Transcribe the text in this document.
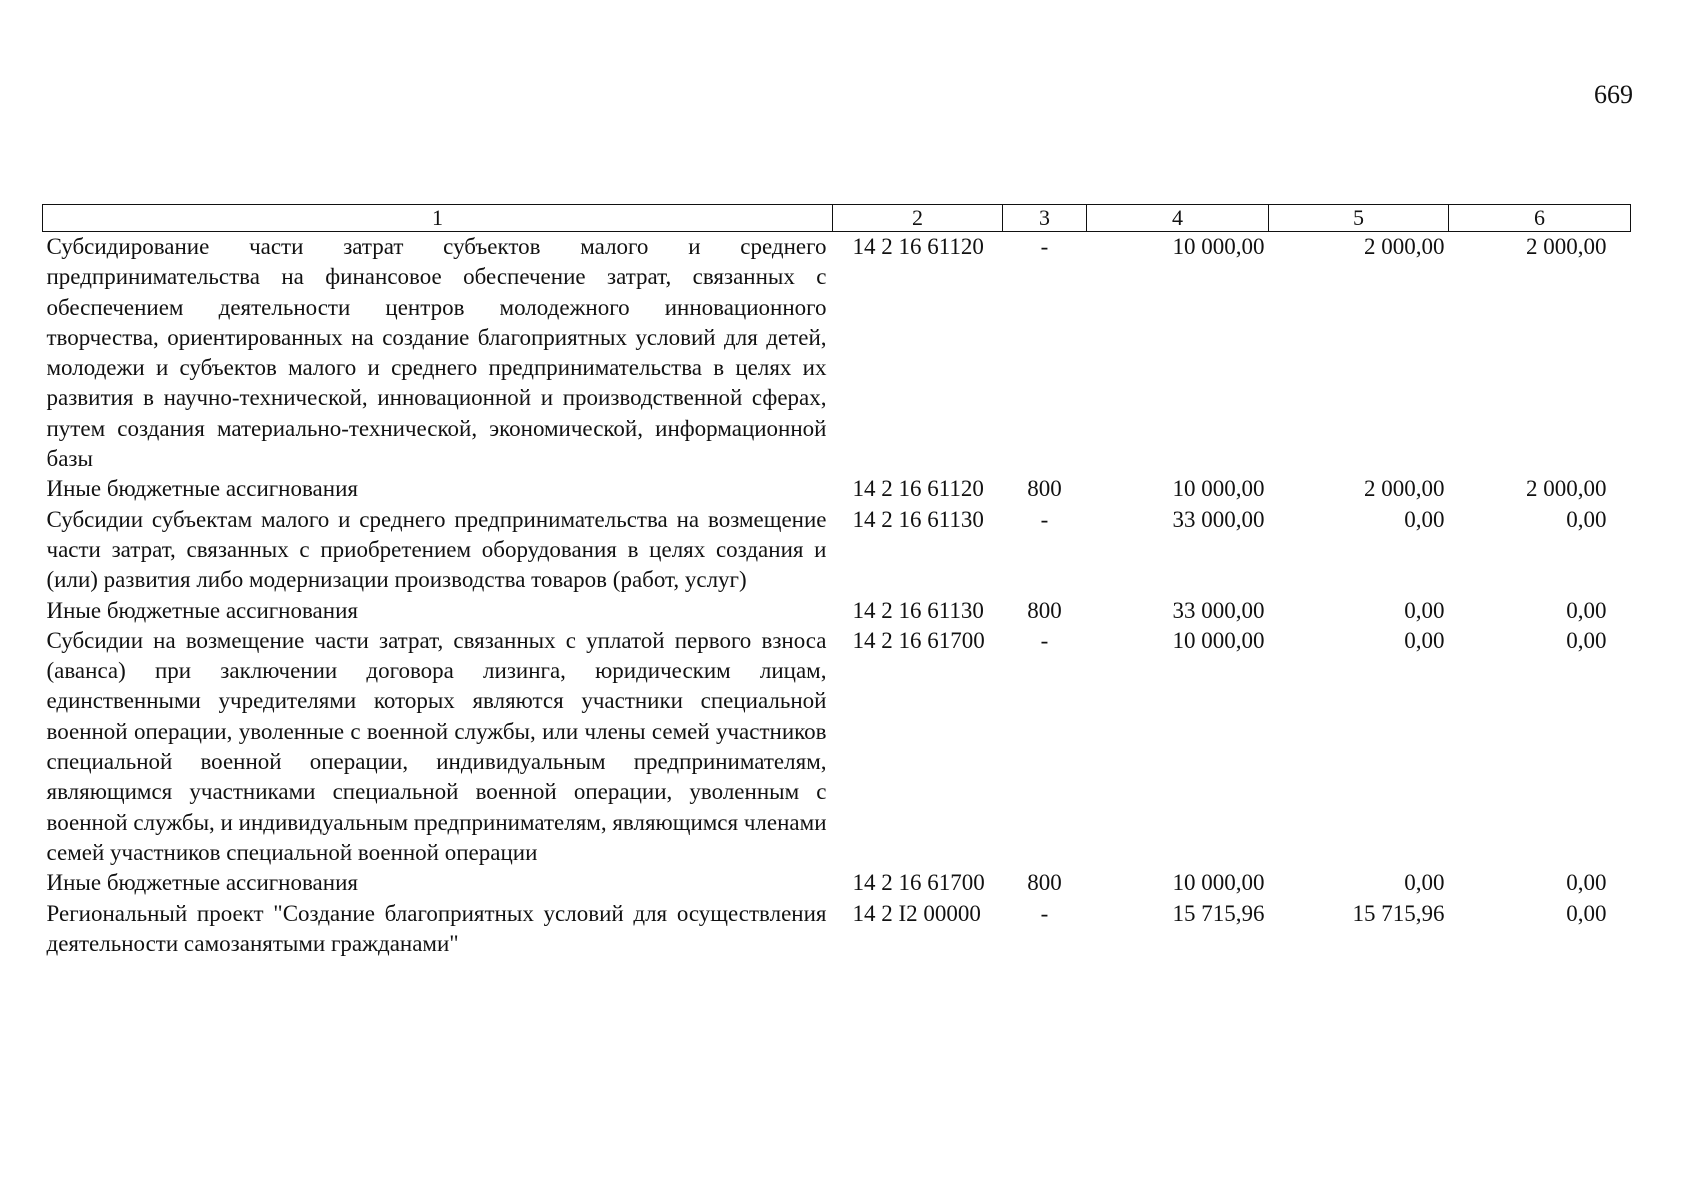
669
1	2	3	4	5	6
Субсидирование части затрат субъектов малого и среднего предпринимательства на финансовое обеспечение затрат, связанных с обеспечением деятельности центров молодежного инновационного творчества, ориентированных на создание благоприятных условий для детей, молодежи и субъектов малого и среднего предпринимательства в целях их развития в научно-технической, инновационной и производственной сферах, путем создания материально-технической, экономической, информационной базы	14 2 16 61120	-	10 000,00	2 000,00	2 000,00
Иные бюджетные ассигнования	14 2 16 61120	800	10 000,00	2 000,00	2 000,00
Субсидии субъектам малого и среднего предпринимательства на возмещение части затрат, связанных с приобретением оборудования в целях создания и (или) развития либо модернизации производства товаров (работ, услуг)	14 2 16 61130	-	33 000,00	0,00	0,00
Иные бюджетные ассигнования	14 2 16 61130	800	33 000,00	0,00	0,00
Субсидии на возмещение части затрат, связанных с уплатой первого взноса (аванса) при заключении договора лизинга, юридическим лицам, единственными учредителями которых являются участники специальной военной операции, уволенные с военной службы, или члены семей участников специальной военной операции, индивидуальным предпринимателям, являющимся участниками специальной военной операции, уволенным с военной службы, и индивидуальным предпринимателям, являющимся членами семей участников специальной военной операции	14 2 16 61700	-	10 000,00	0,00	0,00
Иные бюджетные ассигнования	14 2 16 61700	800	10 000,00	0,00	0,00
Региональный проект "Создание благоприятных условий для осуществления деятельности самозанятыми гражданами"	14 2 I2 00000	-	15 715,96	15 715,96	0,00
